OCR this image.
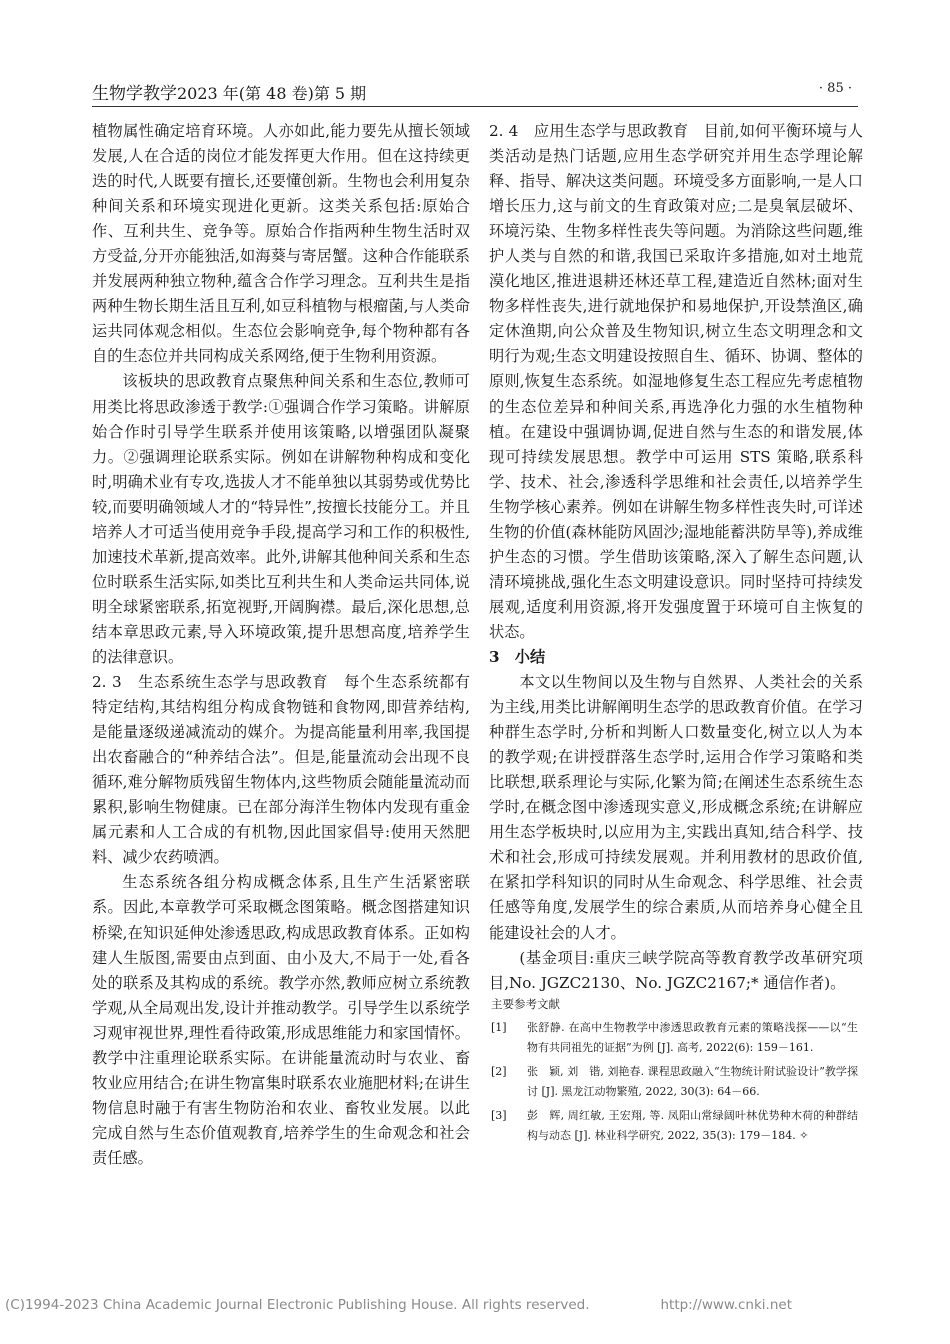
生物学教学2023 年(第 48 卷)第 5 期	· 85 ·

植物属性确定培育环境。人亦如此,能力要先从擅长领域发展,人在合适的岗位才能发挥更大作用。但在这持续更迭的时代,人既要有擅长,还要懂创新。生物也会利用复杂种间关系和环境实现进化更新。这类关系包括:原始合作、互利共生、竞争等。原始合作指两种生物生活时双方受益,分开亦能独活,如海葵与寄居蟹。这种合作能联系并发展两种独立物种,蕴含合作学习理念。互利共生是指两种生物长期生活且互利,如豆科植物与根瘤菌,与人类命运共同体观念相似。生态位会影响竞争,每个物种都有各自的生态位并共同构成关系网络,便于生物利用资源。

该板块的思政教育点聚焦种间关系和生态位,教师可用类比将思政渗透于教学:①强调合作学习策略。讲解原始合作时引导学生联系并使用该策略,以增强团队凝聚力。②强调理论联系实际。例如在讲解物种构成和变化时,明确术业有专攻,选拔人才不能单独以其弱势或优势比较,而要明确领域人才的“特异性”,按擅长技能分工。并且培养人才可适当使用竞争手段,提高学习和工作的积极性,加速技术革新,提高效率。此外,讲解其他种间关系和生态位时联系生活实际,如类比互利共生和人类命运共同体,说明全球紧密联系,拓宽视野,开阔胸襟。最后,深化思想,总结本章思政元素,导入环境政策,提升思想高度,培养学生的法律意识。

2. 3　生态系统生态学与思政教育　每个生态系统都有特定结构,其结构组分构成食物链和食物网,即营养结构,是能量逐级递减流动的媒介。为提高能量利用率,我国提出农畜融合的“种养结合法”。但是,能量流动会出现不良循环,难分解物质残留生物体内,这些物质会随能量流动而累积,影响生物健康。已在部分海洋生物体内发现有重金属元素和人工合成的有机物,因此国家倡导:使用天然肥料、减少农药喷洒。

生态系统各组分构成概念体系,且生产生活紧密联系。因此,本章教学可采取概念图策略。概念图搭建知识桥梁,在知识延伸处渗透思政,构成思政教育体系。正如构建人生版图,需要由点到面、由小及大,不局于一处,看各处的联系及其构成的系统。教学亦然,教师应树立系统教学观,从全局观出发,设计并推动教学。引导学生以系统学习观审视世界,理性看待政策,形成思维能力和家国情怀。教学中注重理论联系实际。在讲能量流动时与农业、畜牧业应用结合;在讲生物富集时联系农业施肥材料;在讲生物信息时融于有害生物防治和农业、畜牧业发展。以此完成自然与生态价值观教育,培养学生的生命观念和社会责任感。

2. 4　应用生态学与思政教育　目前,如何平衡环境与人类活动是热门话题,应用生态学研究并用生态学理论解释、指导、解决这类问题。环境受多方面影响,一是人口增长压力,这与前文的生育政策对应;二是臭氧层破坏、环境污染、生物多样性丧失等问题。为消除这些问题,维护人类与自然的和谐,我国已采取许多措施,如对土地荒漠化地区,推进退耕还林还草工程,建造近自然林;面对生物多样性丧失,进行就地保护和易地保护,开设禁渔区,确定休渔期,向公众普及生物知识,树立生态文明理念和文明行为观;生态文明建设按照自生、循环、协调、整体的原则,恢复生态系统。如湿地修复生态工程应先考虑植物的生态位差异和种间关系,再选净化力强的水生植物种植。在建设中强调协调,促进自然与生态的和谐发展,体现可持续发展思想。教学中可运用 STS 策略,联系科学、技术、社会,渗透科学思维和社会责任,以培养学生生物学核心素养。例如在讲解生物多样性丧失时,可详述生物的价值(森林能防风固沙;湿地能蓄洪防旱等),养成维护生态的习惯。学生借助该策略,深入了解生态问题,认清环境挑战,强化生态文明建设意识。同时坚持可持续发展观,适度利用资源,将开发强度置于环境可自主恢复的状态。

3　小结

本文以生物间以及生物与自然界、人类社会的关系为主线,用类比讲解阐明生态学的思政教育价值。在学习种群生态学时,分析和判断人口数量变化,树立以人为本的教学观;在讲授群落生态学时,运用合作学习策略和类比联想,联系理论与实际,化繁为简;在阐述生态系统生态学时,在概念图中渗透现实意义,形成概念系统;在讲解应用生态学板块时,以应用为主,实践出真知,结合科学、技术和社会,形成可持续发展观。并利用教材的思政价值,在紧扣学科知识的同时从生命观念、科学思维、社会责任感等角度,发展学生的综合素质,从而培养身心健全且能建设社会的人才。

(基金项目:重庆三峡学院高等教育教学改革研究项目,No. JGZC2130、No. JGZC2167;* 通信作者)。

主要参考文献

[1] 张舒静. 在高中生物教学中渗透思政教育元素的策略浅探——以“生物有共同祖先的证据”为例 [J]. 高考, 2022(6): 159－161.

[2] 张　颖, 刘　锴, 刘艳春. 课程思政融入“生物统计附试验设计”教学探讨 [J]. 黑龙江动物繁殖, 2022, 30(3): 64－66.

[3] 彭　辉, 周红敏, 王宏翔, 等. 凤阳山常绿阔叶林优势种木荷的种群结构与动态 [J]. 林业科学研究, 2022, 35(3): 179－184. ✧

(C)1994-2023 China Academic Journal Electronic Publishing House. All rights reserved.	http://www.cnki.net
